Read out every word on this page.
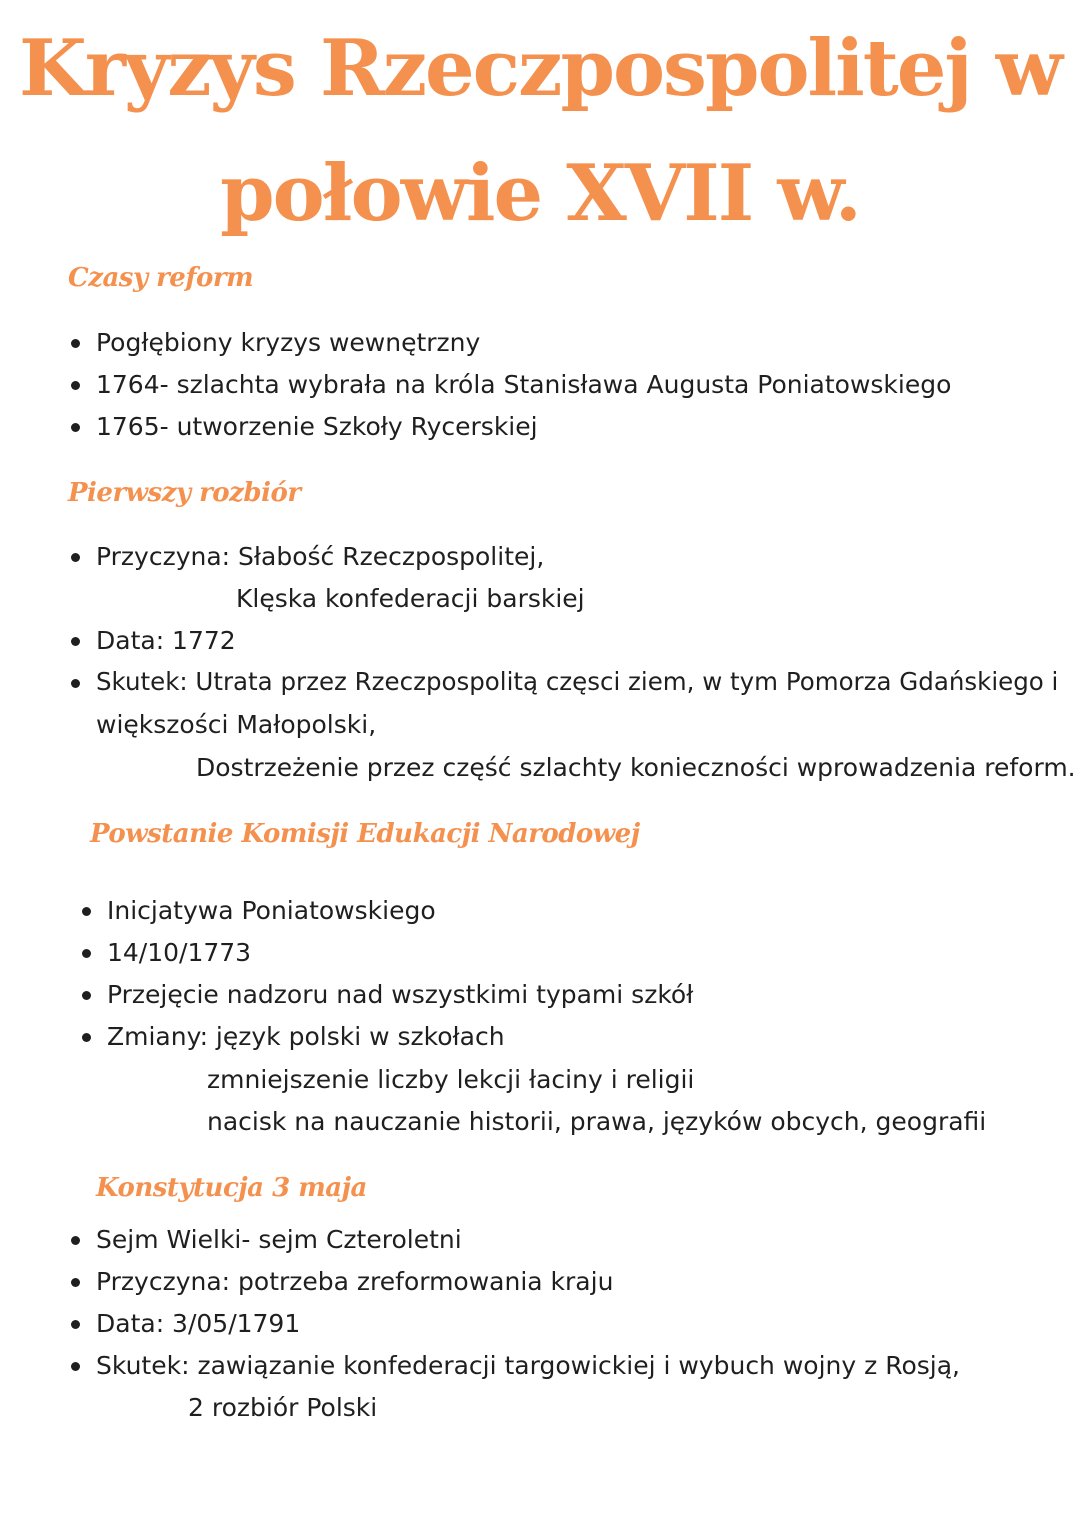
Kryzys Rzeczpospolitej w
połowie XVII w.
Czasy reform
Pogłębiony kryzys wewnętrzny
1764- szlachta wybrała na króla Stanisława Augusta Poniatowskiego
1765- utworzenie Szkoły Rycerskiej
Pierwszy rozbiór
Przyczyna: Słabość Rzeczpospolitej,
Klęska konfederacji barskiej
Data: 1772
Skutek: Utrata przez Rzeczpospolitą częsci ziem, w tym Pomorza Gdańskiego i
większości Małopolski,
Dostrzeżenie przez część szlachty konieczności wprowadzenia reform.
Powstanie Komisji Edukacji Narodowej
Inicjatywa Poniatowskiego
14/10/1773
Przejęcie nadzoru nad wszystkimi typami szkół
Zmiany: język polski w szkołach
zmniejszenie liczby lekcji łaciny i religii
nacisk na nauczanie historii, prawa, języków obcych, geografii
Konstytucja 3 maja
Sejm Wielki- sejm Czteroletni
Przyczyna: potrzeba zreformowania kraju
Data: 3/05/1791
Skutek: zawiązanie konfederacji targowickiej i wybuch wojny z Rosją,
2 rozbiór Polski
